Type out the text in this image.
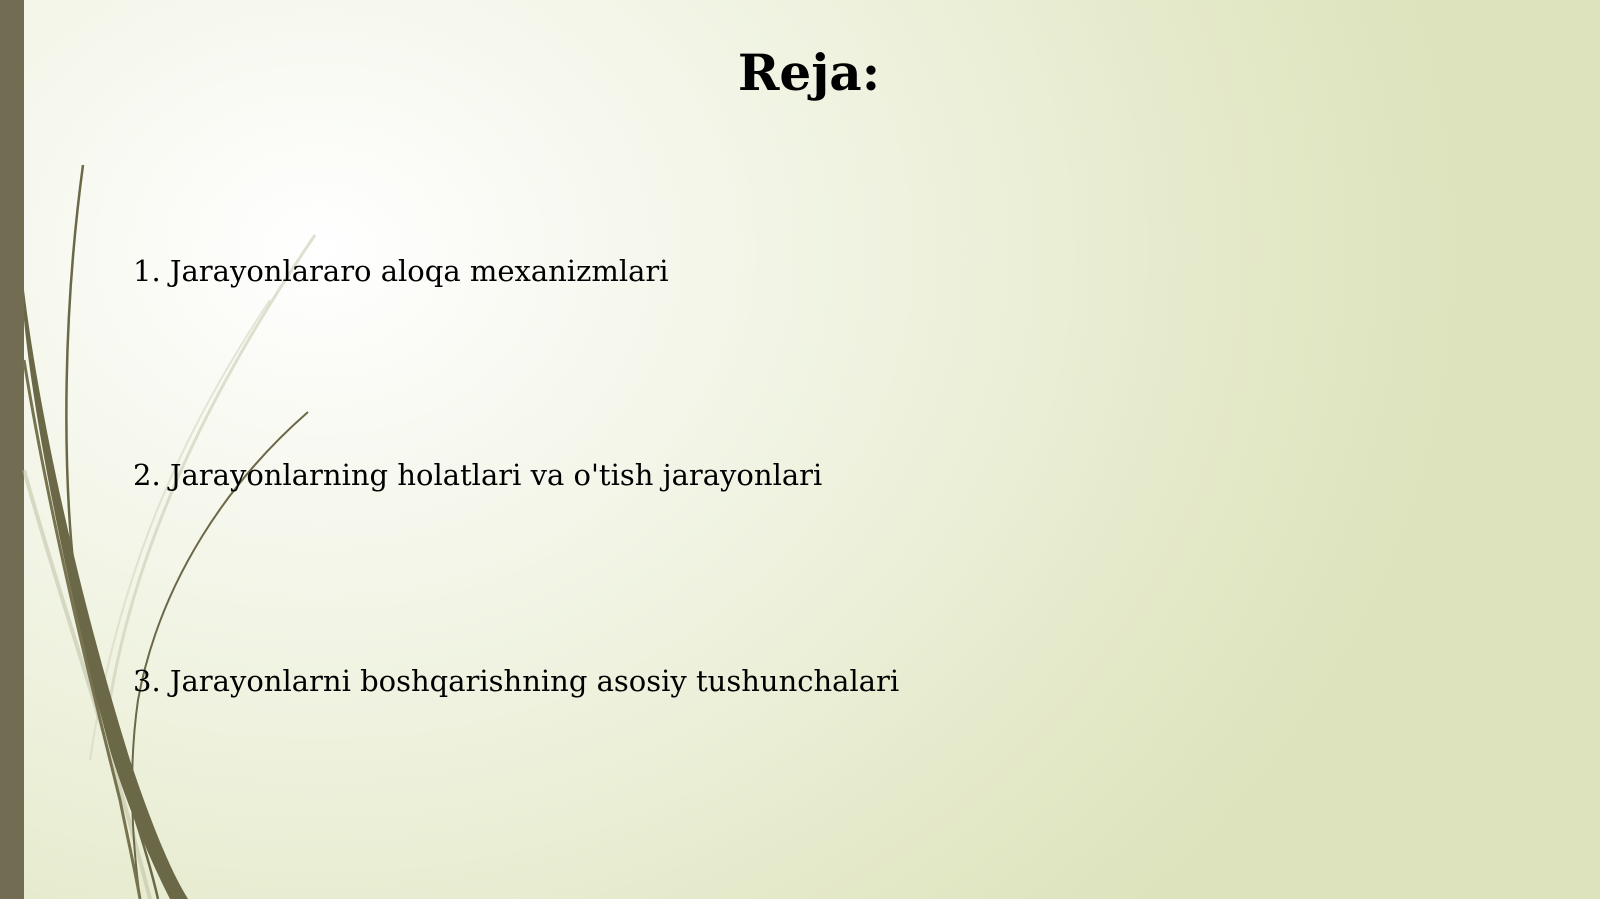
Reja:
1. Jarayonlararo aloqa mexanizmlari
2. Jarayonlarning holatlari va o'tish jarayonlari
3. Jarayonlarni boshqarishning asosiy tushunchalari
